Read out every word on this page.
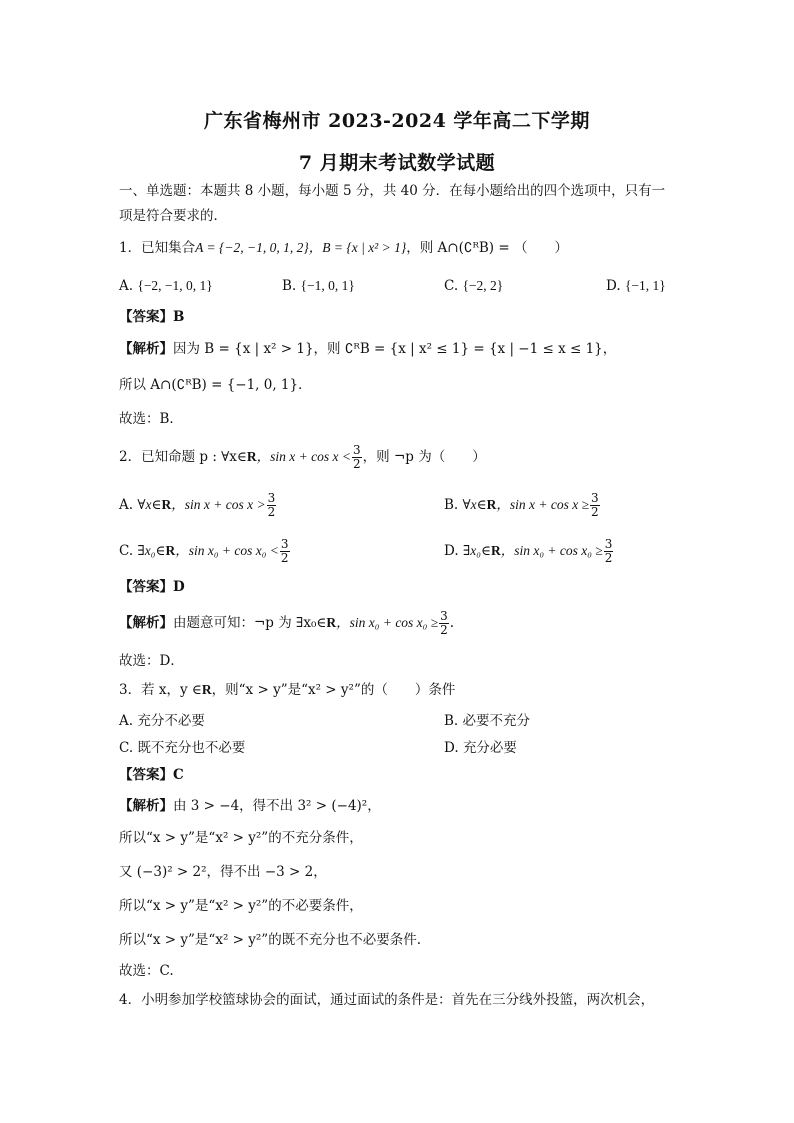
广东省梅州市 2023-2024 学年高二下学期
7 月期末考试数学试题
一、单选题：本题共 8 小题，每小题 5 分，共 40 分．在每小题给出的四个选项中，只有一
项是符合要求的．
1．已知集合A = {−2, −1, 0, 1, 2}，B = {x | x² > 1}，则 A∩(∁ᴿB) = （　　）
A. {−2, −1, 0, 1}	B. {−1, 0, 1}	C. {−2, 2}	D. {−1, 1}
【答案】B
【解析】因为 B = {x | x² > 1}，则 ∁ᴿB = {x | x² ≤ 1} = {x | −1 ≤ x ≤ 1}，
所以 A∩(∁ᴿB) = {−1, 0, 1}．
故选：B．
2．已知命题 p : ∀x∈R，$\sin x + \cos x < \frac{3}{2}$ ，则 ¬p 为（　　）
A. ∀x∈R，$\sin x + \cos x > \frac{3}{2}$	B. ∀x∈R，$\sin x + \cos x \ge \frac{3}{2}$
C. ∃x₀∈R，$\sin x_0 + \cos x_0 < \frac{3}{2}$	D. ∃x₀∈R，$\sin x_0 + \cos x_0 \ge \frac{3}{2}$
【答案】D
【解析】由题意可知：¬p 为 ∃x₀∈R，$\sin x_0 + \cos x_0 \ge \frac{3}{2}$ .
故选：D．
3．若 x，y ∈R，则“x > y”是“x² > y²”的（　　）条件
A. 充分不必要	B. 必要不充分
C. 既不充分也不必要	D. 充分必要
【答案】C
【解析】由 3 > −4，得不出 3² > (−4)²，
所以“x > y”是“x² > y²”的不充分条件，
又 (−3)² > 2²，得不出 −3 > 2，
所以“x > y”是“x² > y²”的不必要条件，
所以“x > y”是“x² > y²”的既不充分也不必要条件.
故选：C.
4．小明参加学校篮球协会的面试，通过面试的条件是：首先在三分线外投篮，两次机会，
